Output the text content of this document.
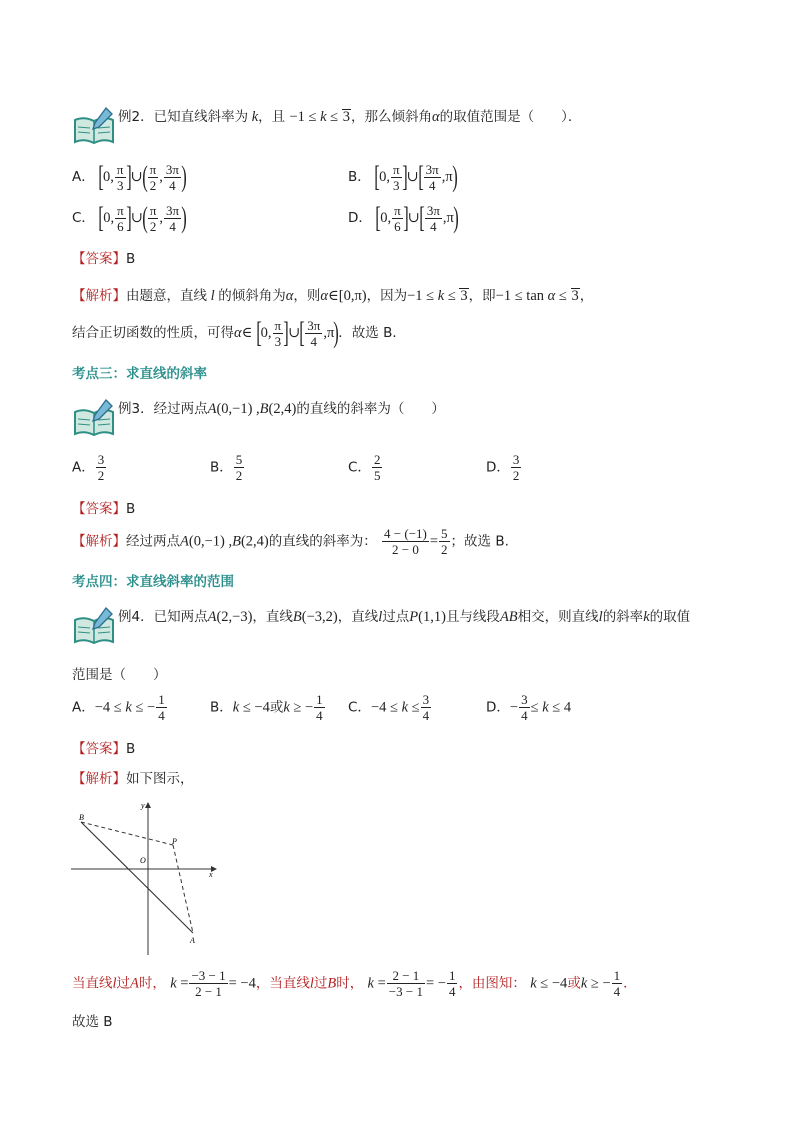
例2．已知直线斜率为 k，且 −1 ≤ k ≤ 3，那么倾斜角α的取值范围是（　　）．
A． [0, $\frac{\pi}{3}$ ]∪( $\frac{\pi}{2}$ , $\frac{3\pi}{4}$ )	B． [0, $\frac{\pi}{3}$ ]∪[ $\frac{3\pi}{4} ,\pi$)
C． [0, $\frac{\pi}{6}$ ]∪( $\frac{\pi}{2}$ , $\frac{3\pi}{4}$ )	D． [0, $\frac{\pi}{6}$ ]∪[ $\frac{3\pi}{4} ,\pi$)
【答案】B
【解析】由题意，直线 l 的倾斜角为α，则α∈[0,π)，因为−1 ≤ k ≤ 3，即−1 ≤ tan α ≤ 3，
结合正切函数的性质，可得α∈ [0, $\frac{\pi}{3}$ ]∪[ $\frac{3\pi}{4} ,\pi$)．故选 B．
考点三：求直线的斜率
例3．经过两点A(0,−1) ,B(2,4)的直线的斜率为（　　）
A． $\frac{3}{2}$	B． $\frac{5}{2}$	C． $\frac{2}{5}$	D． $\frac{3}{2}$
【答案】B
【解析】经过两点A(0,−1) ,B(2,4)的直线的斜率为： $\frac{4 - (-1)}{2 - 0} = \frac{5}{2}$ ；故选 B.
考点四：求直线斜率的范围
例4．已知两点A(2,−3)，直线B(−3,2)，直线l过点P(1,1)且与线段AB相交，则直线l的斜率k的取值
范围是（　　）
A．−4 ≤ k ≤ − $\frac{1}{4}$	B．k ≤ −4或k ≥ − $\frac{1}{4}$ C．$-4 \le k \le \frac{3}{4}$	D．− $\frac{3}{4} \le k \le 4$
【答案】B
【解析】如下图示，
B
P
O
A
x
y
当直线l过A时， $k = \frac{-3 - 1}{2 - 1} = -4$，当直线l过B时， $k = \frac{2 - 1}{-3 - 1}$ = − $\frac{1}{4}$ ，由图知： k ≤ −4或k ≥ − $\frac{1}{4}$ ．
故选 B
